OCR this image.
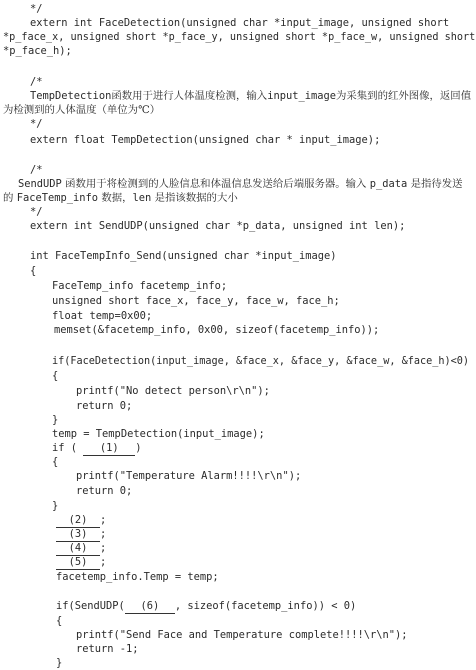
*/
extern int FaceDetection(unsigned char *input_image, unsigned short
*p_face_x, unsigned short *p_face_y, unsigned short *p_face_w, unsigned short
*p_face_h);
/*
TempDetection函数用于进行人体温度检测，输入input_image为采集到的红外图像，返回值
为检测到的人体温度（单位为℃）
*/
extern float TempDetection(unsigned char * input_image);
/*
SendUDP 函数用于将检测到的人脸信息和体温信息发送给后端服务器。输入 p_data 是指待发送
的 FaceTemp_info 数据，len 是指该数据的大小
*/
extern int SendUDP(unsigned char *p_data, unsigned int len);
int FaceTempInfo_Send(unsigned char *input_image)
{
FaceTemp_info facetemp_info;
unsigned short face_x, face_y, face_w, face_h;
float temp=0x00;
memset(&facetemp_info, 0x00, sizeof(facetemp_info));
if(FaceDetection(input_image, &face_x, &face_y, &face_w, &face_h)<0)
{
printf("No detect person\r\n");
return 0;
}
temp = TempDetection(input_image);
if ( (1) )
{
printf("Temperature Alarm!!!!\r\n");
return 0;
}
(2) ;
(3) ;
(4) ;
(5) ;
facetemp_info.Temp = temp;
if(SendUDP( (6) , sizeof(facetemp_info)) < 0)
{
printf("Send Face and Temperature complete!!!!\r\n");
return -1;
}
